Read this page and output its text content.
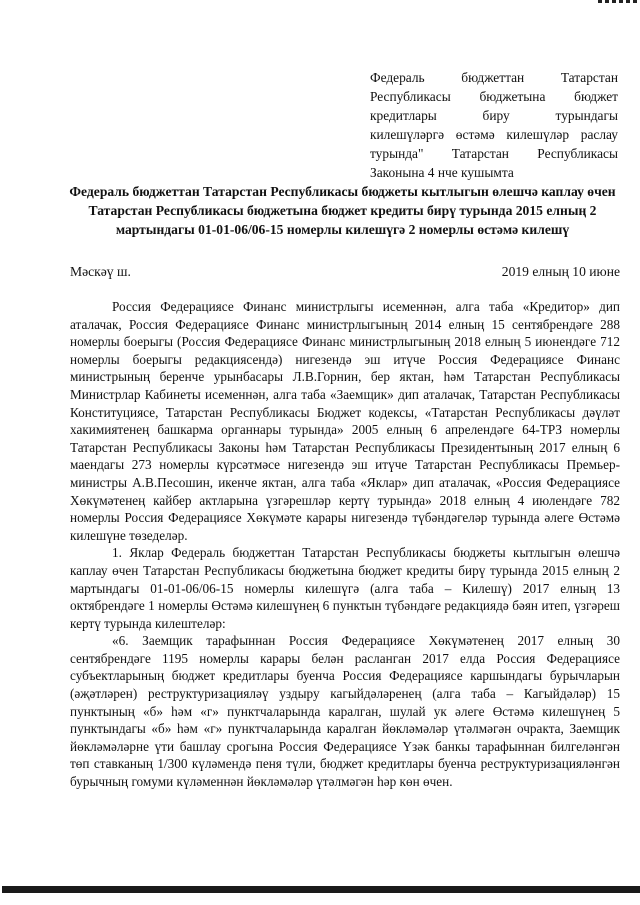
Федераль бюджеттан Татарстан
Республикасы бюджетына бюджет
кредитлары биру турындагы
килешүләргә өстәмә килешүләр раслау
турында" Татарстан Республикасы
Законына 4 нче кушымта
Федераль бюджеттан Татарстан Республикасы бюджеты кытлыгын өлешчә каплау өчен Татарстан Республикасы бюджетына бюджет кредиты бирү турында 2015 елның 2 мартындагы 01-01-06/06-15 номерлы килешүгә 2 номерлы өстәмә килешү
Мәскәү ш.	2019 елның 10 июне

Россия Федерациясе Финанс министрлыгы исеменнән, алга таба «Кредитор» дип аталачак, Россия Федерациясе Финанс министрлыгының 2014 елның 15 сентябрендәге 288 номерлы боерыгы (Россия Федерациясе Финанс министрлыгының 2018 елның 5 июнендәге 712 номерлы боерыгы редакциясендә) нигезендә эш итүче Россия Федерациясе Финанс министрының беренче урынбасары Л.В.Горнин, бер яктан, һәм Татарстан Республикасы Министрлар Кабинеты исеменнән, алга таба «Заемщик» дип аталачак, Татарстан Республикасы Конституциясе, Татарстан Республикасы Бюджет кодексы, «Татарстан Республикасы дәүләт хакимиятенең башкарма органнары турында» 2005 елның 6 апрелендәге 64-ТРЗ номерлы Татарстан Республикасы Законы һәм Татарстан Республикасы Президентының 2017 елның 6 маендагы 273 номерлы күрсәтмәсе нигезендә эш итүче Татарстан Республикасы Премьер-министры А.В.Песошин, икенче яктан, алга таба «Яклар» дип аталачак, «Россия Федерациясе Хөкүмәтенең кайбер актларына үзгәрешләр кертү турында» 2018 елның 4 июлендәге 782 номерлы Россия Федерациясе Хөкүмәте карары нигезендә түбәндәгеләр турында әлеге Өстәмә килешүне төзеделәр.

1. Яклар Федераль бюджеттан Татарстан Республикасы бюджеты кытлыгын өлешчә каплау өчен Татарстан Республикасы бюджетына бюджет кредиты бирү турында 2015 елның 2 мартындагы 01-01-06/06-15 номерлы килешүгә (алга таба – Килешү) 2017 елның 13 октябрендәге 1 номерлы Өстәмә килешүнең 6 пунктын түбәндәге редакциядә бәян итеп, үзгәреш кертү турында килештеләр:

«6. Заемщик тарафыннан Россия Федерациясе Хөкүмәтенең 2017 елның 30 сентябрендәге 1195 номерлы карары белән расланган 2017 елда Россия Федерациясе субъектларының бюджет кредитлары буенча Россия Федерациясе каршындагы бурычларын (әҗәтләрен) реструктуризацияләү уздыру кагыйдәләренең (алга таба – Кагыйдәләр) 15 пунктының «б» һәм «г» пунктчаларында каралган, шулай ук әлеге Өстәмә килешүнең 5 пунктындагы «б» һәм «г» пунктчаларында каралган йөкләмәләр үтәлмәгән очракта, Заемщик йөкләмәләрне үти башлау срогына Россия Федерациясе Үзәк банкы тарафыннан билгеләнгән төп ставканың 1/300 күләмендә пеня түли, бюджет кредитлары буенча реструктуризацияләнгән бурычның гомуми күләменнән йөкләмәләр үтәлмәгән һәр көн өчен.
